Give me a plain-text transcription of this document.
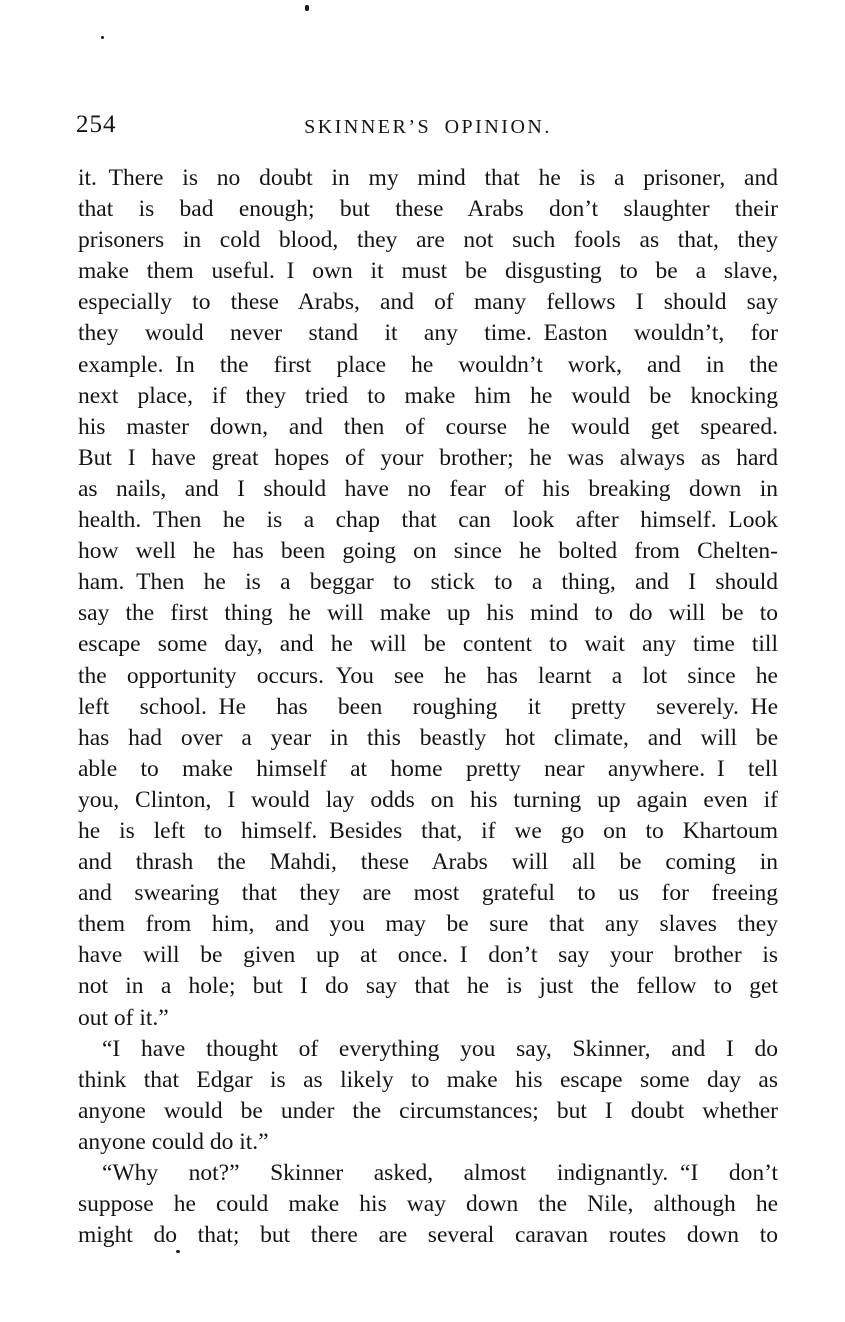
254	SKINNER’S OPINION.
it. There is no doubt in my mind that he is a prisoner, and
that is bad enough; but these Arabs don’t slaughter their
prisoners in cold blood, they are not such fools as that, they
make them useful. I own it must be disgusting to be a slave,
especially to these Arabs, and of many fellows I should say
they would never stand it any time. Easton wouldn’t, for
example. In the first place he wouldn’t work, and in the
next place, if they tried to make him he would be knocking
his master down, and then of course he would get speared.
But I have great hopes of your brother; he was always as hard
as nails, and I should have no fear of his breaking down in
health. Then he is a chap that can look after himself. Look
how well he has been going on since he bolted from Chelten-
ham. Then he is a beggar to stick to a thing, and I should
say the first thing he will make up his mind to do will be to
escape some day, and he will be content to wait any time till
the opportunity occurs. You see he has learnt a lot since he
left school. He has been roughing it pretty severely. He
has had over a year in this beastly hot climate, and will be
able to make himself at home pretty near anywhere. I tell
you, Clinton, I would lay odds on his turning up again even if
he is left to himself. Besides that, if we go on to Khartoum
and thrash the Mahdi, these Arabs will all be coming in
and swearing that they are most grateful to us for freeing
them from him, and you may be sure that any slaves they
have will be given up at once. I don’t say your brother is
not in a hole; but I do say that he is just the fellow to get
out of it.”
“I have thought of everything you say, Skinner, and I do
think that Edgar is as likely to make his escape some day as
anyone would be under the circumstances; but I doubt whether
anyone could do it.”
“Why not?” Skinner asked, almost indignantly. “I don’t
suppose he could make his way down the Nile, although he
might do that; but there are several caravan routes down to
